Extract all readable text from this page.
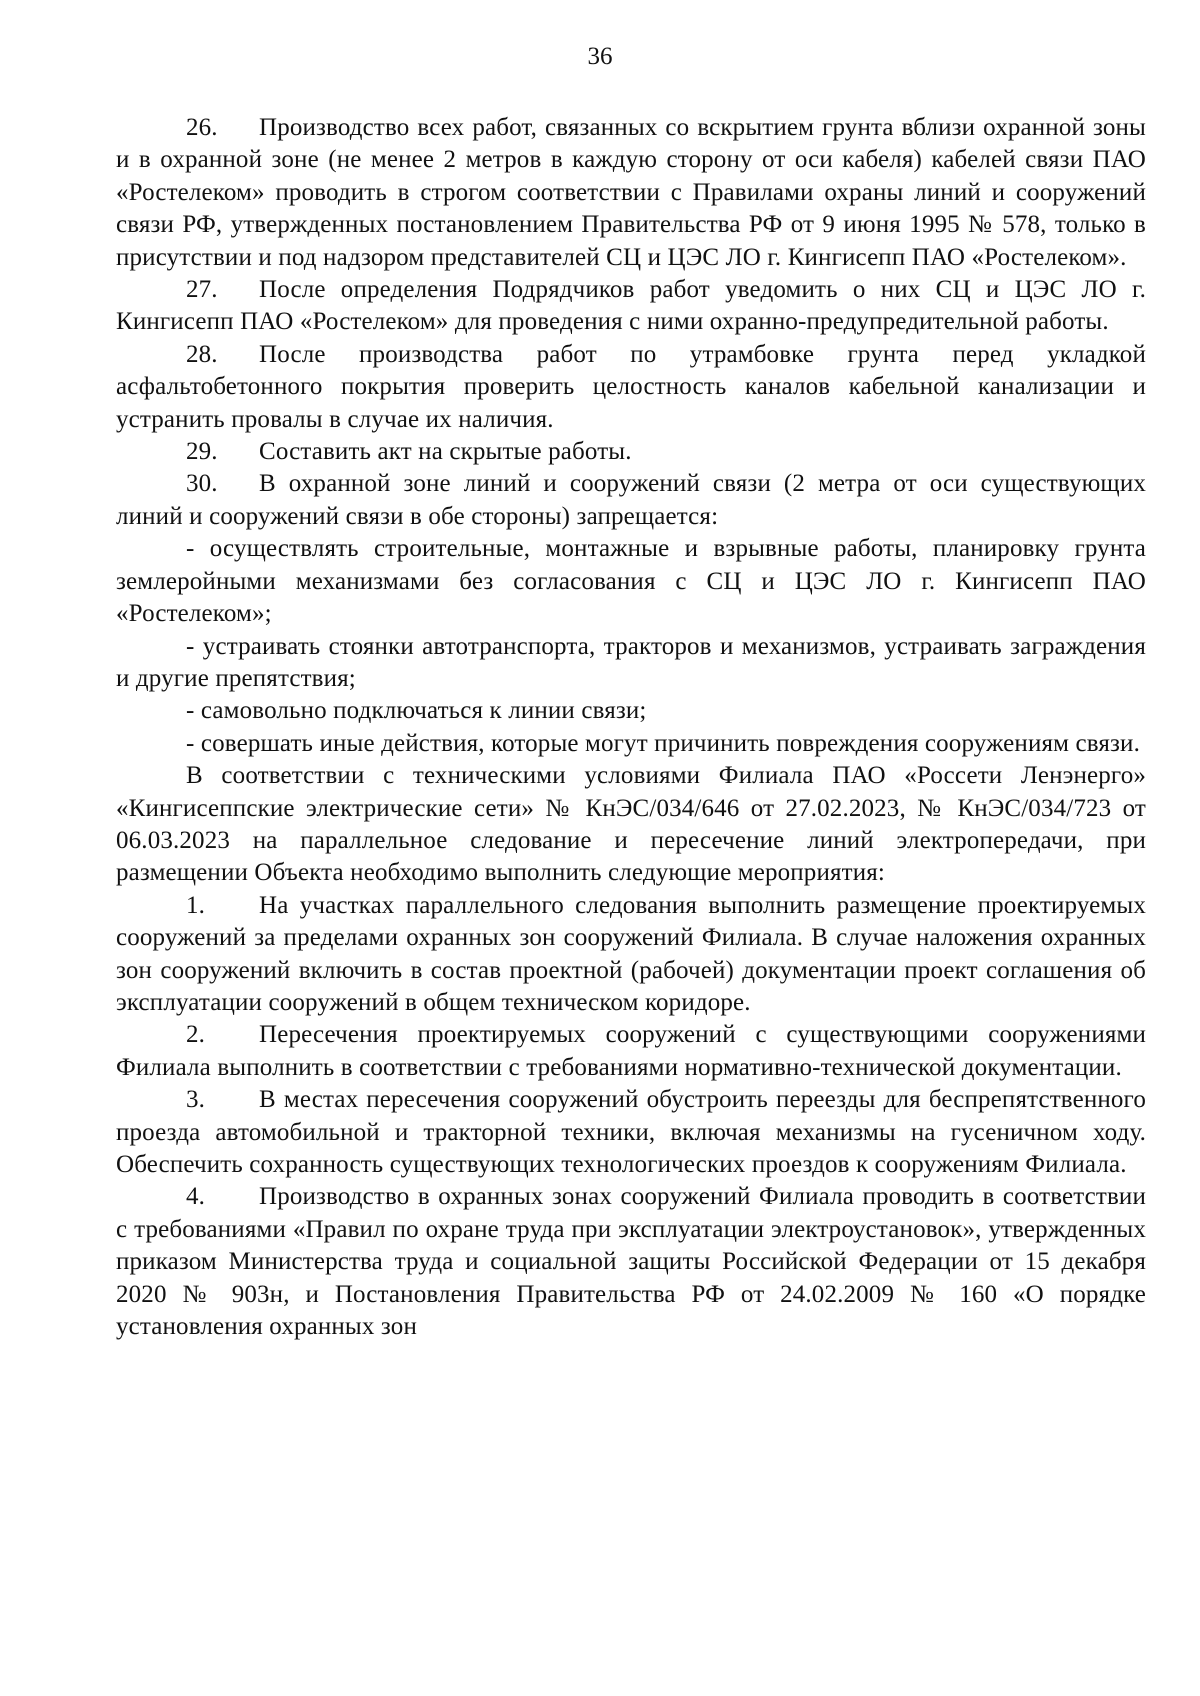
36

26. Производство всех работ, связанных со вскрытием грунта вблизи охранной зоны и в охранной зоне (не менее 2 метров в каждую сторону от оси кабеля) кабелей связи ПАО «Ростелеком» проводить в строгом соответствии с Правилами охраны линий и сооружений связи РФ, утвержденных постановлением Правительства РФ от 9 июня 1995 № 578, только в присутствии и под надзором представителей СЦ и ЦЭС ЛО г. Кингисепп ПАО «Ростелеком».

27. После определения Подрядчиков работ уведомить о них СЦ и ЦЭС ЛО г. Кингисепп ПАО «Ростелеком» для проведения с ними охранно-предупредительной работы.

28. После производства работ по утрамбовке грунта перед укладкой асфальтобетонного покрытия проверить целостность каналов кабельной канализации и устранить провалы в случае их наличия.

29. Составить акт на скрытые работы.

30. В охранной зоне линий и сооружений связи (2 метра от оси существующих линий и сооружений связи в обе стороны) запрещается:

- осуществлять строительные, монтажные и взрывные работы, планировку грунта землеройными механизмами без согласования с СЦ и ЦЭС ЛО г. Кингисепп ПАО «Ростелеком»;

- устраивать стоянки автотранспорта, тракторов и механизмов, устраивать заграждения и другие препятствия;

- самовольно подключаться к линии связи;

- совершать иные действия, которые могут причинить повреждения сооружениям связи.

В соответствии с техническими условиями Филиала ПАО «Россети Ленэнерго» «Кингисеппские электрические сети» № КнЭС/034/646 от 27.02.2023, № КнЭС/034/723 от 06.03.2023 на параллельное следование и пересечение линий электропередачи, при размещении Объекта необходимо выполнить следующие мероприятия:

1. На участках параллельного следования выполнить размещение проектируемых сооружений за пределами охранных зон сооружений Филиала. В случае наложения охранных зон сооружений включить в состав проектной (рабочей) документации проект соглашения об эксплуатации сооружений в общем техническом коридоре.

2. Пересечения проектируемых сооружений с существующими сооружениями Филиала выполнить в соответствии с требованиями нормативно-технической документации.

3. В местах пересечения сооружений обустроить переезды для беспрепятственного проезда автомобильной и тракторной техники, включая механизмы на гусеничном ходу. Обеспечить сохранность существующих технологических проездов к сооружениям Филиала.

4. Производство в охранных зонах сооружений Филиала проводить в соответствии с требованиями «Правил по охране труда при эксплуатации электроустановок», утвержденных приказом Министерства труда и социальной защиты Российской Федерации от 15 декабря 2020 № 903н, и Постановления Правительства РФ от 24.02.2009 № 160 «О порядке установления охранных зон
